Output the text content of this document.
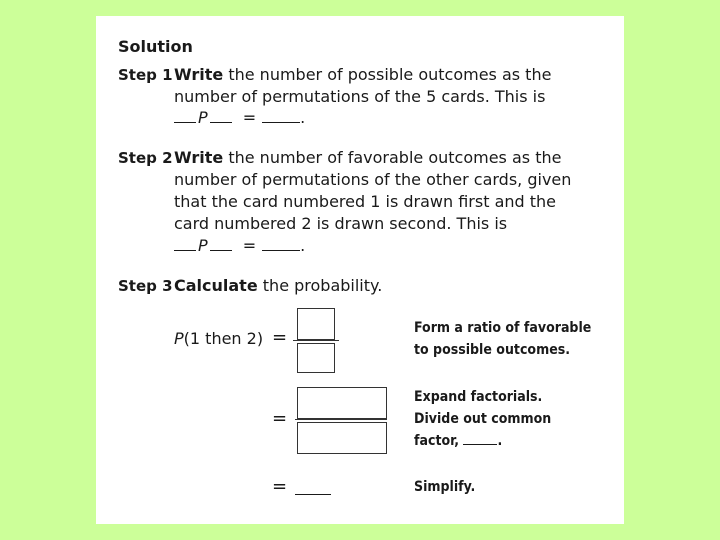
Solution
Step 1 Write the number of possible outcomes as the
number of permutations of the 5 cards. This is
P =	.
Step 2 Write the number of favorable outcomes as the
number of permutations of the other cards, given
that the card numbered 1 is drawn first and the
card numbered 2 is drawn second. This is
P =	.
Step 3 Calculate the probability.
P(1 then 2) =	Form a ratio of favorable
to possible outcomes.
=
Expand factorials.
Divide out common
factor,	.
=	Simplify.
